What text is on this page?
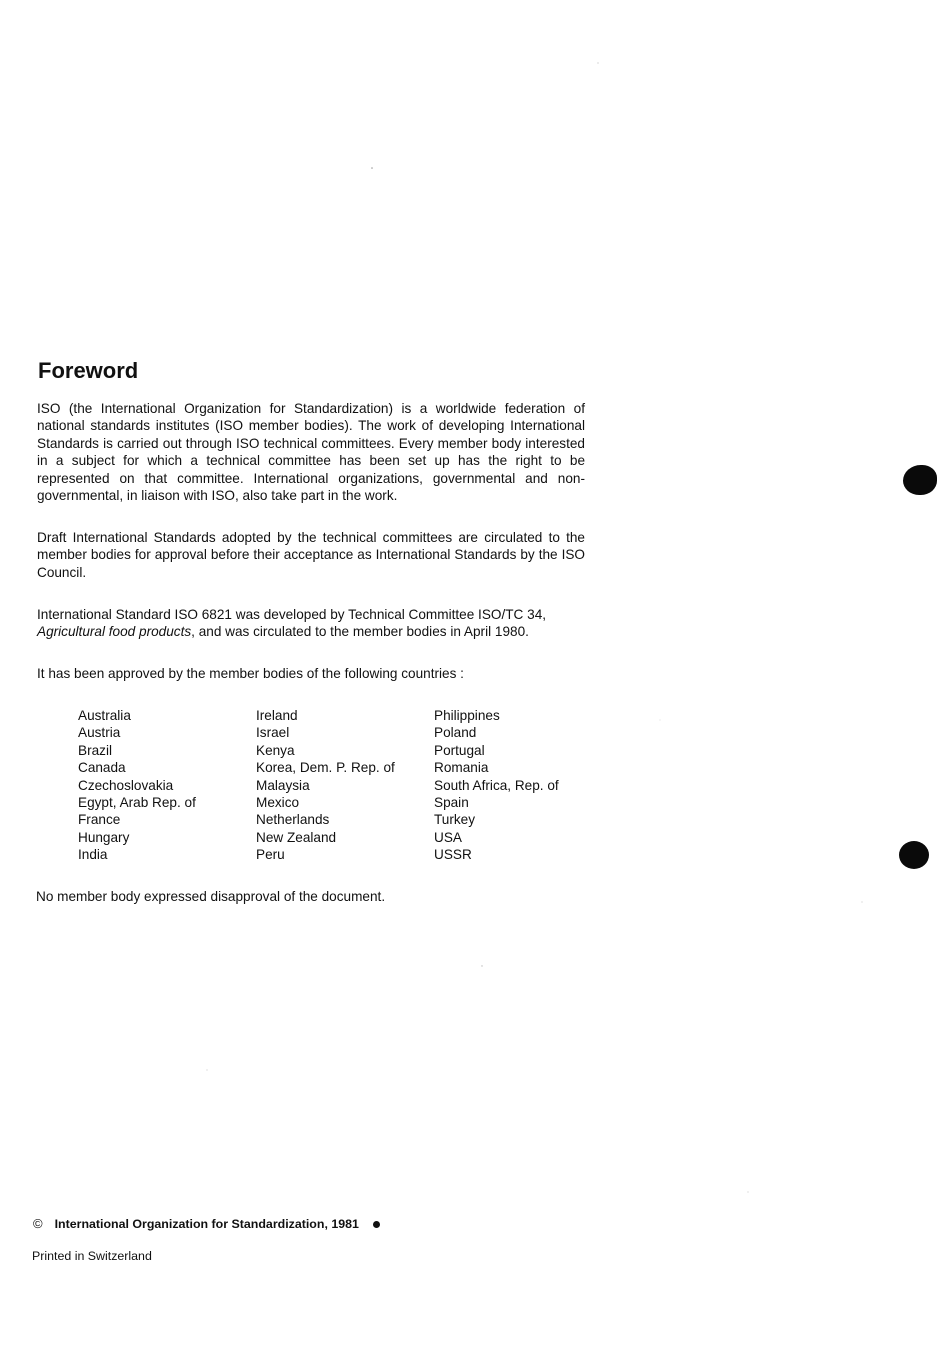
Foreword

ISO (the International Organization for Standardization) is a worldwide federation of national standards institutes (ISO member bodies). The work of developing International Standards is carried out through ISO technical committees. Every member body interested in a subject for which a technical committee has been set up has the right to be represented on that committee. International organizations, governmental and non-governmental, in liaison with ISO, also take part in the work.

Draft International Standards adopted by the technical committees are circulated to the member bodies for approval before their acceptance as International Standards by the ISO Council.

International Standard ISO 6821 was developed by Technical Committee ISO/TC 34,
Agricultural food products, and was circulated to the member bodies in April 1980.

It has been approved by the member bodies of the following countries :

Australia
Austria
Brazil
Canada
Czechoslovakia
Egypt, Arab Rep. of
France
Hungary
India
Ireland
Israel
Kenya
Korea, Dem. P. Rep. of
Malaysia
Mexico
Netherlands
New Zealand
Peru
Philippines
Poland
Portugal
Romania
South Africa, Rep. of
Spain
Turkey
USA
USSR

No member body expressed disapproval of the document.

© International Organization for Standardization, 1981
Printed in Switzerland
